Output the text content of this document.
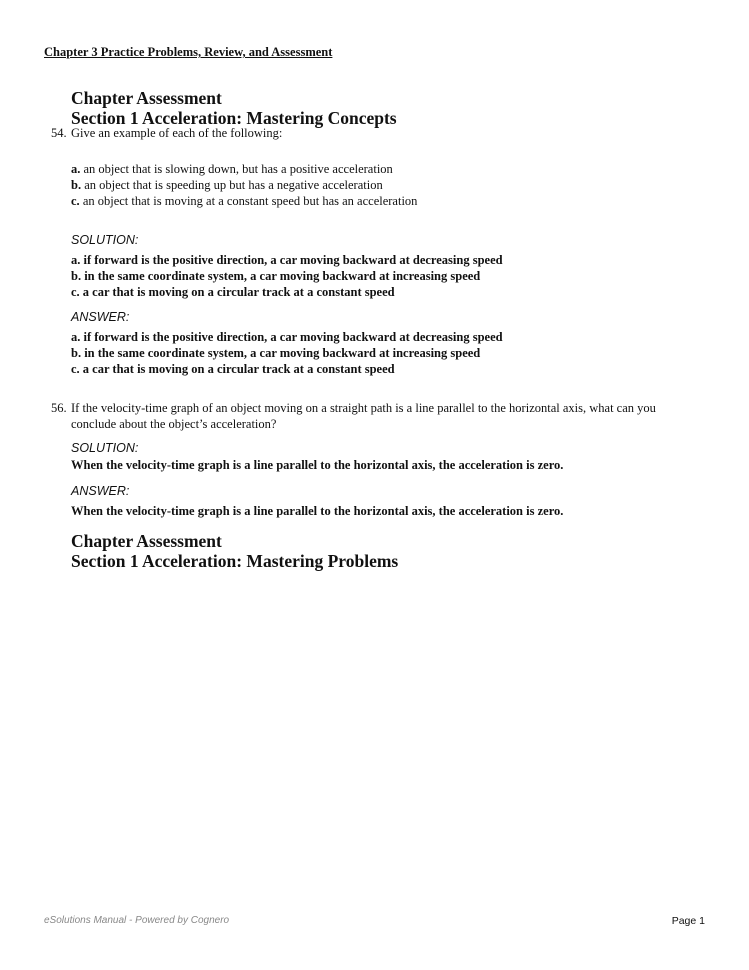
Chapter 3 Practice Problems, Review, and Assessment
Chapter Assessment
Section 1 Acceleration: Mastering Concepts
54. Give an example of each of the following:
a. an object that is slowing down, but has a positive acceleration
b. an object that is speeding up but has a negative acceleration
c. an object that is moving at a constant speed but has an acceleration
SOLUTION:
a. if forward is the positive direction, a car moving backward at decreasing speed
b. in the same coordinate system, a car moving backward at increasing speed
c. a car that is moving on a circular track at a constant speed
ANSWER:
a. if forward is the positive direction, a car moving backward at decreasing speed
b. in the same coordinate system, a car moving backward at increasing speed
c. a car that is moving on a circular track at a constant speed
56. If the velocity-time graph of an object moving on a straight path is a line parallel to the horizontal axis, what can you
conclude about the object’s acceleration?
SOLUTION:
When the velocity-time graph is a line parallel to the horizontal axis, the acceleration is zero.
ANSWER:
When the velocity-time graph is a line parallel to the horizontal axis, the acceleration is zero.
Chapter Assessment
Section 1 Acceleration: Mastering Problems
eSolutions Manual - Powered by Cognero	Page 1
